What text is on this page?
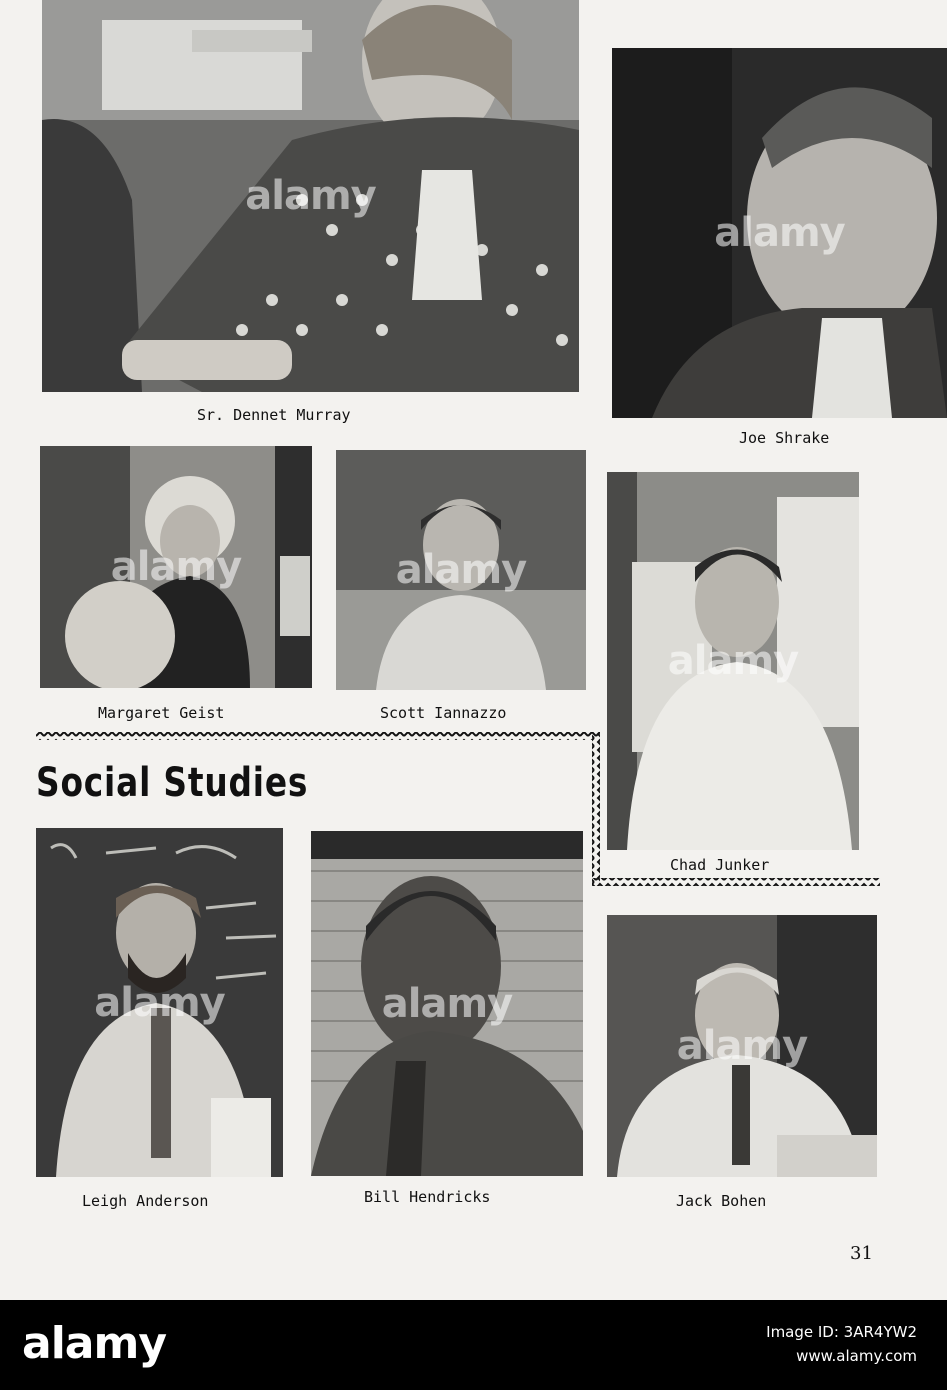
alamy
Sr. Dennet Murray
alamy
Joe Shrake
alamy
Margaret Geist
alamy
Scott Iannazzo
alamy
Chad Junker
Social Studies
alamy
Leigh Anderson
alamy
Bill Hendricks
alamy
Jack Bohen
31
alamy	Image ID: 3AR4YW2
www.alamy.com
